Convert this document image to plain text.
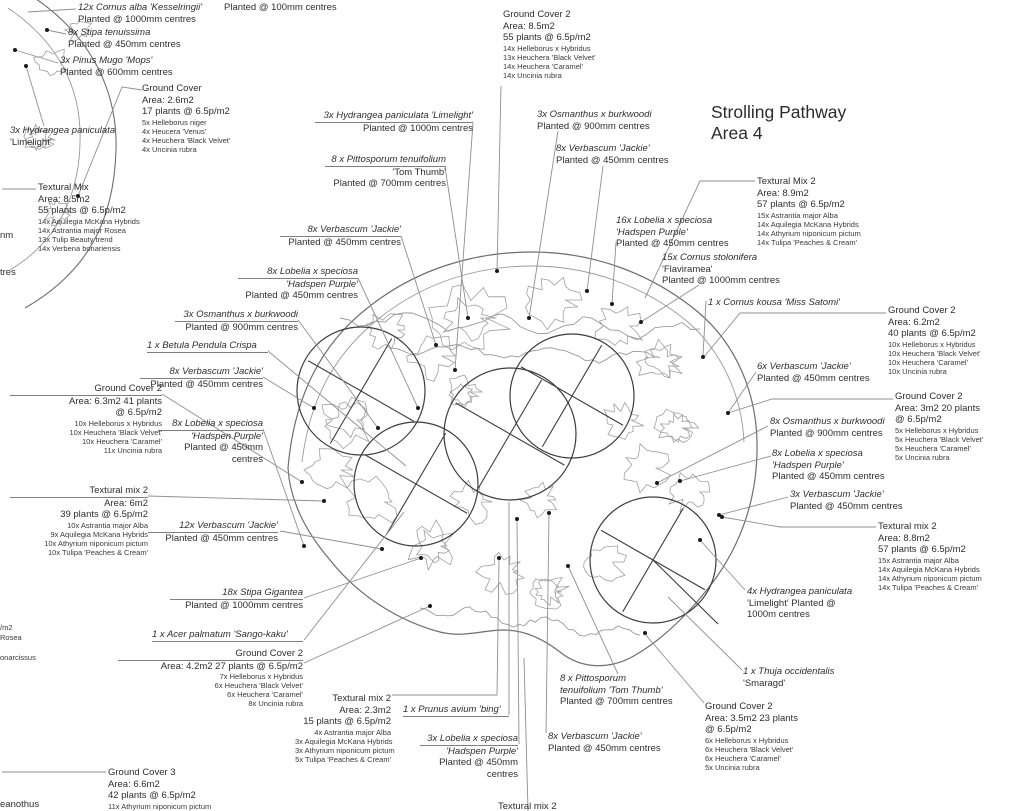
Strolling Pathway
Area 4
12x Cornus alba 'Kesselringii'
Planted @ 1000mm centres
Planted @ 100mm centres
8x Stipa tenuissima
Planted @ 450mm centres
3x Pinus Mugo 'Mops'
Planted @ 600mm centres
3x Hydrangea paniculata
'Limelight'
3x Hydrangea paniculata 'Limelight'
Planted @ 1000m centres
3x Osmanthus x burkwoodi
Planted @ 900mm centres
8 x Pittosporum tenuifolium
'Tom Thumb'
Planted @ 700mm centres
8x Verbascum 'Jackie'
Planted @ 450mm centres
8x Verbascum 'Jackie'
Planted @ 450mm centres
8x Lobelia x speciosa
'Hadspen Purple'
Planted @ 450mm centres
16x Lobelia x speciosa
'Hadspen Purple'
Planted @ 450mm centres
15x Cornus stolonifera
'Flaviramea'
Planted @ 1000mm centres
3x Osmanthus x burkwoodi
Planted @ 900mm centres
1 x Cornus kousa 'Miss Satomi'
1 x Betula Pendula Crispa
8x Verbascum 'Jackie'
Planted @ 450mm centres
6x Verbascum 'Jackie'
Planted @ 450mm centres
8x Lobelia x speciosa
'Hadspen Purple'
Planted @ 450mm
centres
8x Osmanthus x burkwoodi
Planted @ 900mm centres
8x Lobelia x speciosa
'Hadspen Purple'
Planted @ 450mm centres
3x Verbascum 'Jackie'
Planted @ 450mm centres
12x Verbascum 'Jackie'
Planted @ 450mm centres
18x Stipa Gigantea
Planted @ 1000mm centres
4x Hydrangea paniculata
'Limelight' Planted @
1000m centres
1 x Acer palmatum 'Sango-kaku'
1 x Thuja occidentalis
'Smaragd'
8 x Pittosporum
tenuifolium 'Tom Thumb'
Planted @ 700mm centres
1 x Prunus avium 'bing'
3x Lobelia x speciosa
'Hadspen Purple'
Planted @ 450mm
centres
8x Verbascum 'Jackie'
Planted @ 450mm centres
Ground Cover
Area: 2.6m2
17 plants @ 6.5p/m2
5x Helleborus niger
4x Heucera 'Venus'
4x Heuchera 'Black Velvet'
4x Uncinia rubra
Ground Cover 2
Area: 8.5m2
55 plants @ 6.5p/m2
14x Helleborus x Hybridus
13x Heuchera 'Black Velvet'
14x Heuchera 'Caramel'
14x Uncinia rubra
Textural Mix 2
Area: 8.9m2
57 plants @ 6.5p/m2
15x Astrantia major Alba
14x Aquilegia McKana Hybrids
14x Athyrium niponicum pictum
14x Tulipa 'Peaches & Cream'
Textural Mix
Area: 8.5m2
55 plants @ 6.5p/m2
14x Aquilegia McKana Hybrids
14x Astrantia major Rosea
13x Tulip Beauty trend
14x Verbena bonariensis
Ground Cover 2
Area: 6.2m2
40 plants @ 6.5p/m2
10x Helleborus x Hybridus
10x Heuchera 'Black Velvet'
10x Heuchera 'Caramel'
10x Uncinia rubra
Ground Cover 2
Area: 6.3m2 41 plants
@ 6.5p/m2
10x Helleborus x Hybridus
10x Heuchera 'Black Velvet'
10x Heuchera 'Caramel'
11x Uncinia rubra
Ground Cover 2
Area: 3m2 20 plants
@ 6.5p/m2
5x Helleborus x Hybridus
5x Heuchera 'Black Velvet'
5x Heuchera 'Caramel'
5x Uncinia rubra
Textural mix 2
Area: 6m2
39 plants @ 6.5p/m2
10x Astrantia major Alba
9x Aquilegia McKana Hybrids
10x Athyrium niponicum pictum
10x Tulipa 'Peaches & Cream'
Textural mix 2
Area: 8.8m2
57 plants @ 6.5p/m2
15x Astrantia major Alba
14x Aquilegia McKana Hybrids
14x Athyrium niponicum pictum
14x Tulipa 'Peaches & Cream'
Ground Cover 2
Area: 4.2m2 27 plants @ 6.5p/m2
7x Helleborus x Hybridus
6x Heuchera 'Black Velvet'
6x Heuchera 'Caramel'
8x Uncinia rubra	Textural mix 2
Area: 2.3m2
15 plants @ 6.5p/m2
4x Astrantia major Alba
3x Aquilegia McKana Hybrids
3x Athyrium niponicum pictum
5x Tulipa 'Peaches & Cream'
Ground Cover 2
Area: 3.5m2 23 plants
@ 6.5p/m2
6x Helleborus x Hybridus
6x Heuchera 'Black Velvet'
6x Heuchera 'Caramel'
5x Uncinia rubra
Ground Cover 3
Area: 6.6m2
42 plants @ 6.5p/m2
11x Athyrium niponicum pictum
nm
tres
/m2
Rosea
onarcissus
eanothus	Textural mix 2
